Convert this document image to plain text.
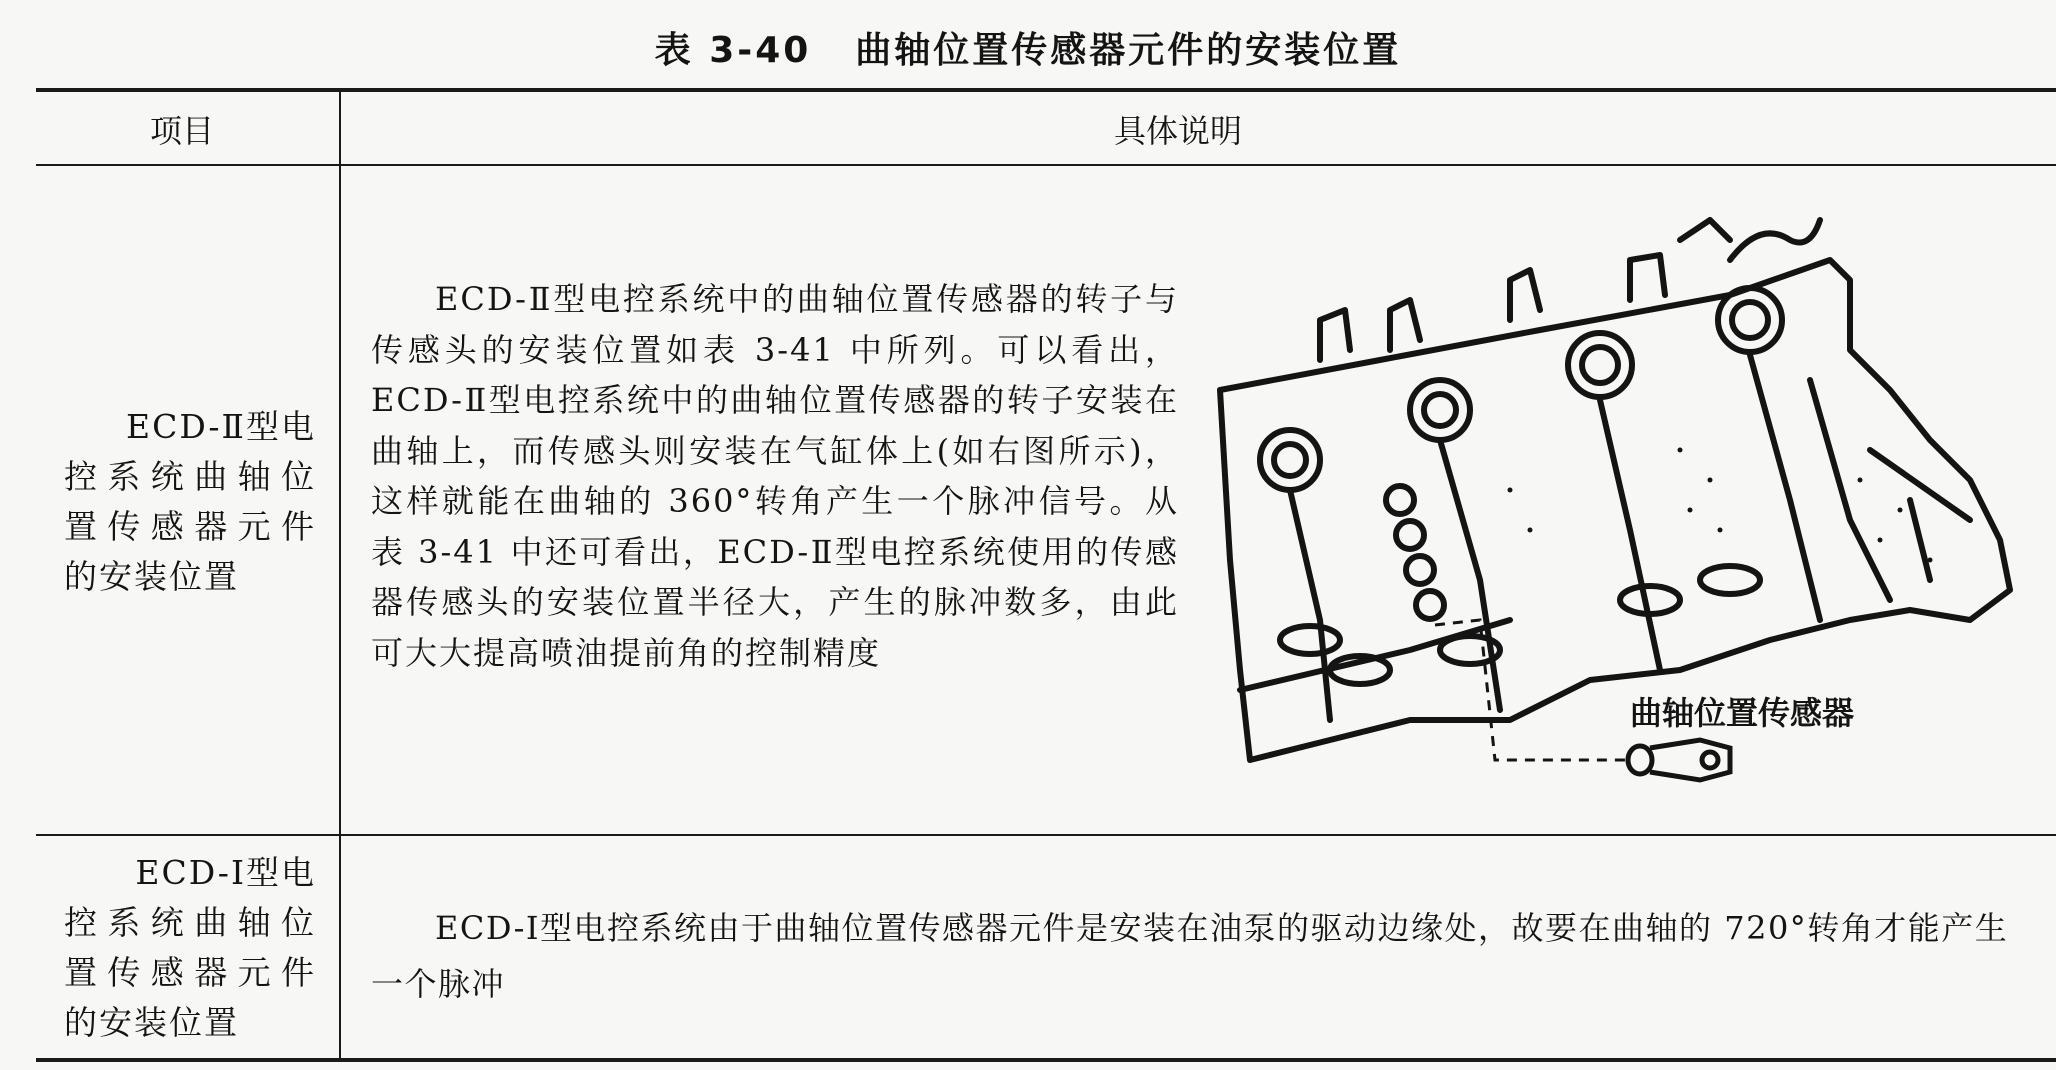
表 3-40 曲轴位置传感器元件的安装位置
项目	具体说明
ECD-Ⅱ型电
控系统曲轴位
置传感器元件
的安装位置
ECD-Ⅱ型电控系统中的曲轴位置传感器的转子与传感头的安装位置如表 3-41 中所列。可以看出，ECD-Ⅱ型电控系统中的曲轴位置传感器的转子安装在曲轴上，而传感头则安装在气缸体上(如右图所示)，这样就能在曲轴的 360°转角产生一个脉冲信号。从表 3-41 中还可看出，ECD-Ⅱ型电控系统使用的传感器传感头的安装位置半径大，产生的脉冲数多，由此可大大提高喷油提前角的控制精度
曲轴位置传感器
ECD-Ⅰ型电
控系统曲轴位
置传感器元件
的安装位置
ECD-Ⅰ型电控系统由于曲轴位置传感器元件是安装在油泵的驱动边缘处，故要在曲轴的 720°转角才能产生一个脉冲
